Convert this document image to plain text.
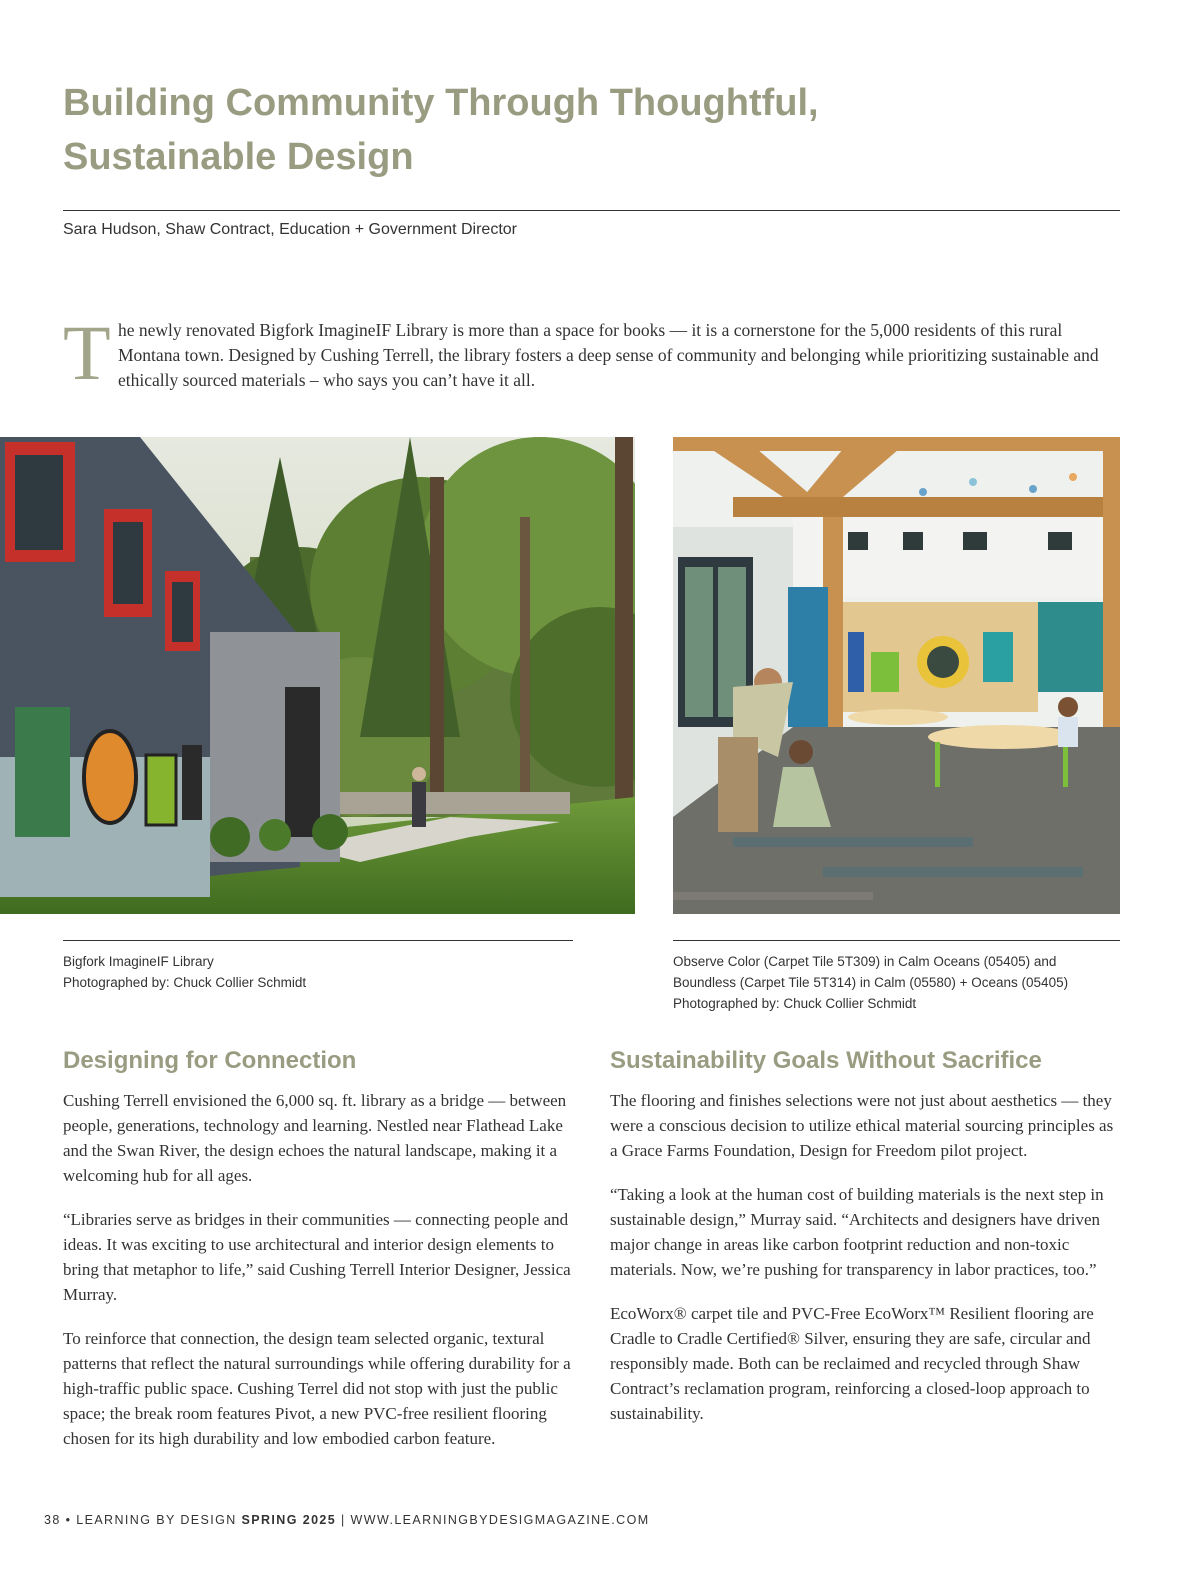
Building Community Through Thoughtful,
Sustainable Design
Sara Hudson, Shaw Contract, Education + Government Director
T he newly renovated Bigfork ImagineIF Library is more than a space for books — it is a cornerstone for the 5,000 residents of this rural Montana town. Designed by Cushing Terrell, the library fosters a deep sense of community and belonging while prioritizing sustainable and ethically sourced materials – who says you can’t have it all.
Bigfork ImagineIF Library
Photographed by: Chuck Collier Schmidt
Observe Color (Carpet Tile 5T309) in Calm Oceans (05405) and
Boundless (Carpet Tile 5T314) in Calm (05580) + Oceans (05405)
Photographed by: Chuck Collier Schmidt
Designing for Connection

Cushing Terrell envisioned the 6,000 sq. ft. library as a bridge — between people, generations, technology and learning. Nestled near Flathead Lake and the Swan River, the design echoes the natural landscape, making it a welcoming hub for all ages.

“Libraries serve as bridges in their communities — connecting people and ideas. It was exciting to use architectural and interior design elements to bring that metaphor to life,” said Cushing Terrell Interior Designer, Jessica Murray.

To reinforce that connection, the design team selected organic, textural patterns that reflect the natural surroundings while offering durability for a high-traffic public space. Cushing Terrel did not stop with just the public space; the break room features Pivot, a new PVC-free resilient flooring chosen for its high durability and low embodied carbon feature.

Sustainability Goals Without Sacrifice

The flooring and finishes selections were not just about aesthetics — they were a conscious decision to utilize ethical material sourcing principles as a Grace Farms Foundation, Design for Freedom pilot project.

“Taking a look at the human cost of building materials is the next step in sustainable design,” Murray said. “Architects and designers have driven major change in areas like carbon footprint reduction and non-toxic materials. Now, we’re pushing for transparency in labor practices, too.”

EcoWorx® carpet tile and PVC-Free EcoWorx™ Resilient flooring are Cradle to Cradle Certified® Silver, ensuring they are safe, circular and responsibly made. Both can be reclaimed and recycled through Shaw Contract’s reclamation program, reinforcing a closed-loop approach to sustainability.

38 • LEARNING BY DESIGN SPRING 2025 | WWW.LEARNINGBYDESIGMAGAZINE.COM
